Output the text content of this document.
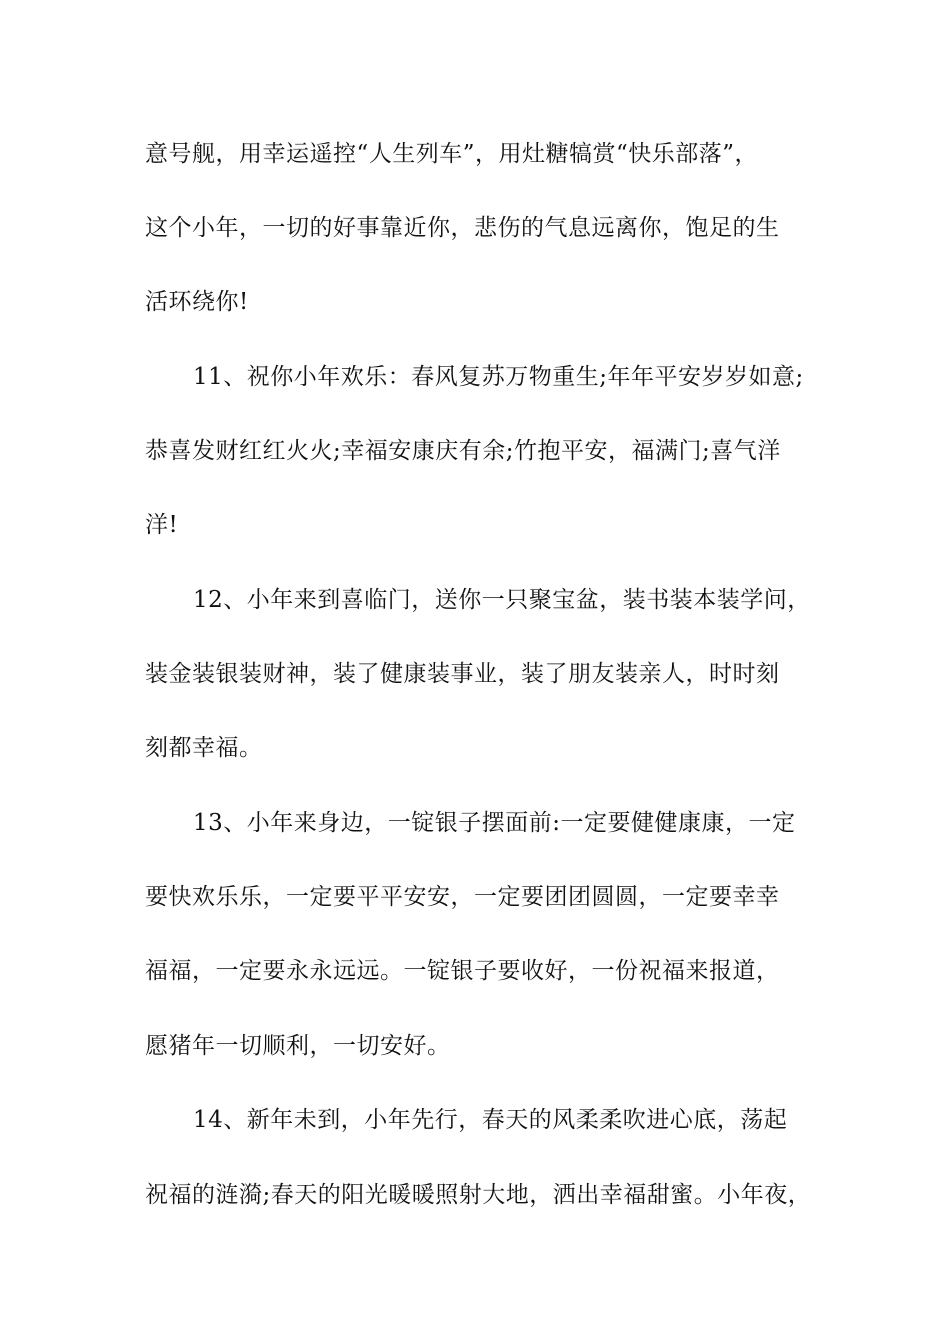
意号舰，用幸运遥控“人生列车”，用灶糖犒赏“快乐部落”，
这个小年，一切的好事靠近你，悲伤的气息远离你，饱足的生
活环绕你!
11、祝你小年欢乐：春风复苏万物重生;年年平安岁岁如意;
恭喜发财红红火火;幸福安康庆有余;竹抱平安，福满门;喜气洋
洋!
12、小年来到喜临门，送你一只聚宝盆，装书装本装学问，
装金装银装财神，装了健康装事业，装了朋友装亲人，时时刻
刻都幸福。
13、小年来身边，一锭银子摆面前:一定要健健康康，一定
要快欢乐乐，一定要平平安安，一定要团团圆圆，一定要幸幸
福福，一定要永永远远。一锭银子要收好，一份祝福来报道，
愿猪年一切顺利，一切安好。
14、新年未到，小年先行，春天的风柔柔吹进心底，荡起
祝福的涟漪;春天的阳光暖暖照射大地，洒出幸福甜蜜。小年夜，
